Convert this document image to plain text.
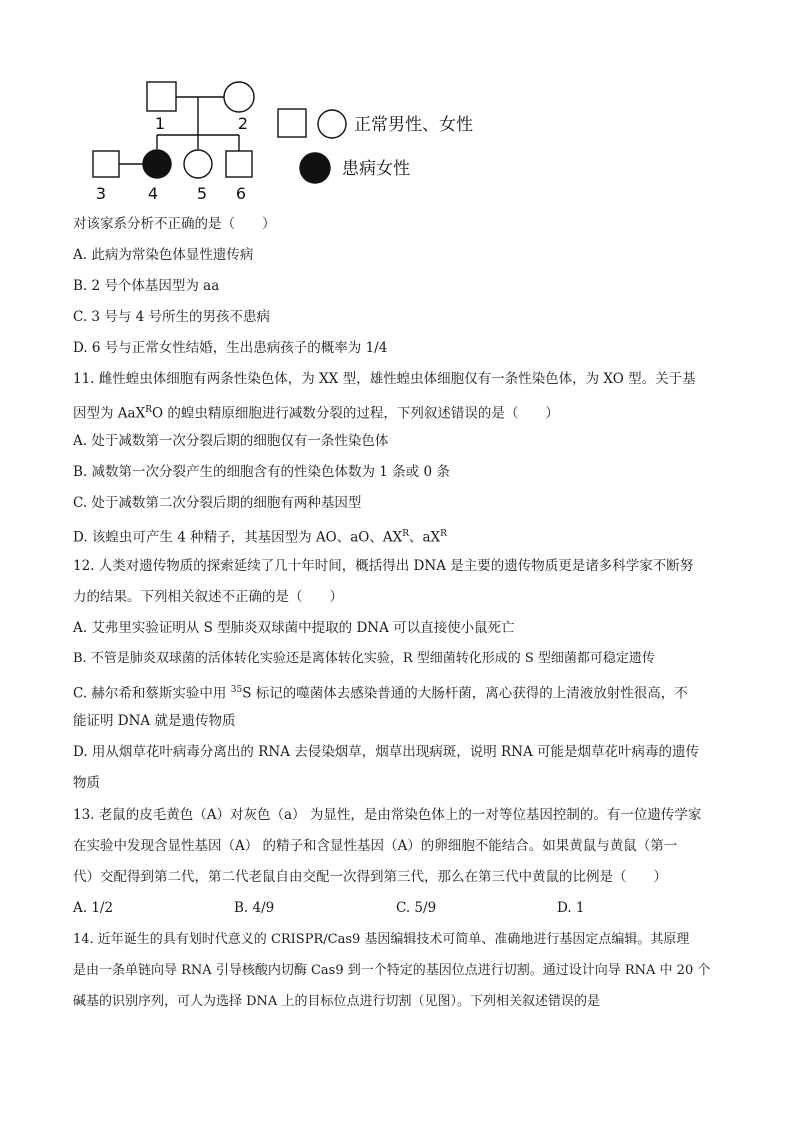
1	2
3	4 5 6
正常男性、女性
患病女性
对该家系分析不正确的是（　　）
A. 此病为常染色体显性遗传病
B. 2 号个体基因型为 aa
C. 3 号与 4 号所生的男孩不患病
D. 6 号与正常女性结婚，生出患病孩子的概率为 1/4
11. 雌性蝗虫体细胞有两条性染色体，为 XX 型，雄性蝗虫体细胞仅有一条性染色体，为 XO 型。关于基
因型为 AaX$^R$O 的蝗虫精原细胞进行减数分裂的过程，下列叙述错误的是（　　）
A. 处于减数第一次分裂后期的细胞仅有一条性染色体
B. 减数第一次分裂产生的细胞含有的性染色体数为 1 条或 0 条
C. 处于减数第二次分裂后期的细胞有两种基因型
D. 该蝗虫可产生 4 种精子，其基因型为 AO、aO、$AX^R$、$aX^R$
12. 人类对遗传物质的探索延续了几十年时间，概括得出 DNA 是主要的遗传物质更是诸多科学家不断努
力的结果。下列相关叙述不正确的是（　　）
A. 艾弗里实验证明从 S 型肺炎双球菌中提取的 DNA 可以直接使小鼠死亡
B. 不管是肺炎双球菌的活体转化实验还是离体转化实验，R 型细菌转化形成的 S 型细菌都可稳定遗传
C. 赫尔希和蔡斯实验中用 $^{35}$S 标记的噬菌体去感染普通的大肠杆菌，离心获得的上清液放射性很高，不
能证明 DNA 就是遗传物质
D. 用从烟草花叶病毒分离出的 RNA 去侵染烟草，烟草出现病斑，说明 RNA 可能是烟草花叶病毒的遗传
物质
13. 老鼠的皮毛黄色（A）对灰色（a） 为显性，是由常染色体上的一对等位基因控制的。有一位遗传学家
在实验中发现含显性基因（A） 的精子和含显性基因（A）的卵细胞不能结合。如果黄鼠与黄鼠（第一
代）交配得到第二代，第二代老鼠自由交配一次得到第三代，那么在第三代中黄鼠的比例是（　　）
A. 1/2	B. 4/9	C. 5/9	D. 1
14. 近年诞生的具有划时代意义的 CRISPR/Cas9 基因编辑技术可简单、准确地进行基因定点编辑。其原理
是由一条单链向导 RNA 引导核酸内切酶 Cas9 到一个特定的基因位点进行切割。通过设计向导 RNA 中 20 个
碱基的识别序列，可人为选择 DNA 上的目标位点进行切割（见图）。下列相关叙述错误的是
